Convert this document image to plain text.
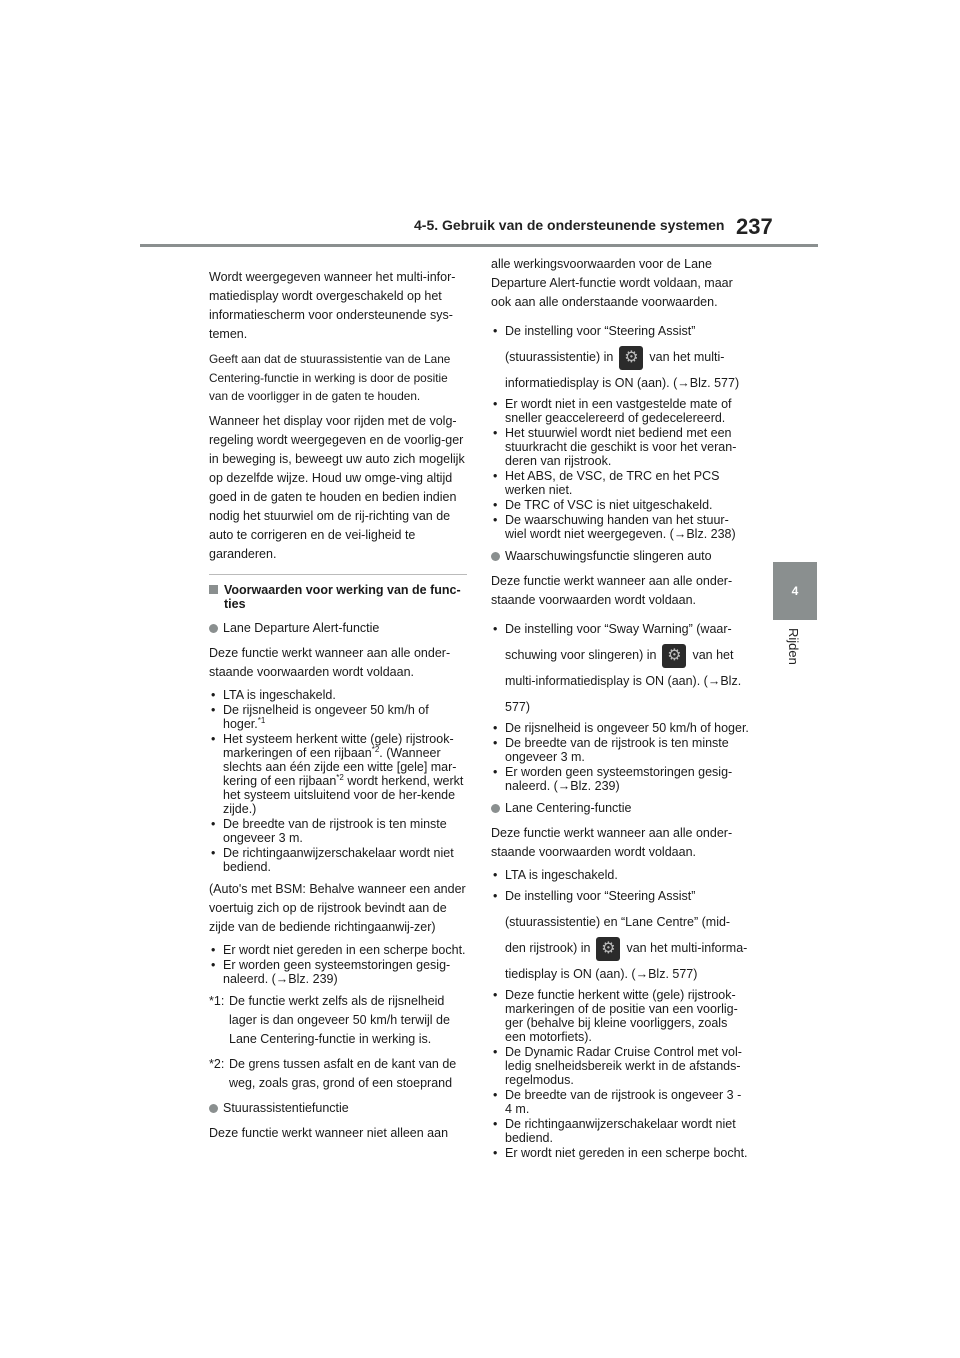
4-5. Gebruik van de ondersteunende systemen 237
4
Rijden

Wordt weergegeven wanneer het multi-infor-matiedisplay wordt overgeschakeld op het informatiescherm voor ondersteunende sys-temen.

Geeft aan dat de stuurassistentie van de Lane Centering-functie in werking is door de positie van de voorligger in de gaten te houden.

Wanneer het display voor rijden met de volg-regeling wordt weergegeven en de voorlig-ger in beweging is, beweegt uw auto zich mogelijk op dezelfde wijze. Houd uw omge-ving altijd goed in de gaten te houden en bedien indien nodig het stuurwiel om de rij-richting van de auto te corrigeren en de vei-ligheid te garanderen.

Voorwaarden voor werking van de func-ties
Lane Departure Alert-functie

Deze functie werkt wanneer aan alle onder-staande voorwaarden wordt voldaan.

• LTA is ingeschakeld.
• De rijsnelheid is ongeveer 50 km/h of hoger.$^{*1}$
• Het systeem herkent witte (gele) rijstrook-markeringen of een rijbaan$^{*2}$. (Wanneer slechts aan één zijde een witte [gele] mar-kering of een rijbaan$^{*2}$ wordt herkend, werkt het systeem uitsluitend voor de her-kende zijde.)
• De breedte van de rijstrook is ten minste ongeveer 3 m.
• De richtingaanwijzerschakelaar wordt niet bediend.

(Auto's met BSM: Behalve wanneer een ander voertuig zich op de rijstrook bevindt aan de zijde van de bediende richtingaanwij-zer)

• Er wordt niet gereden in een scherpe bocht.
• Er worden geen systeemstoringen gesig-naleerd. (→Blz. 239)
*1: De functie werkt zelfs als de rijsnelheid lager is dan ongeveer 50 km/h terwijl de Lane Centering-functie in werking is.
*2: De grens tussen asfalt en de kant van de weg, zoals gras, grond of een stoeprand
Stuurassistentiefunctie

Deze functie werkt wanneer niet alleen aan

alle werkingsvoorwaarden voor de Lane Departure Alert-functie wordt voldaan, maar ook aan alle onderstaande voorwaarden.

• De instelling voor “Steering Assist” (stuurassistentie) in ⚙ van het multi-informatiedisplay is ON (aan). (→Blz. 577)
• Er wordt niet in een vastgestelde mate of sneller geaccelereerd of gedecelereerd.
• Het stuurwiel wordt niet bediend met een stuurkracht die geschikt is voor het veran-deren van rijstrook.
• Het ABS, de VSC, de TRC en het PCS werken niet.
• De TRC of VSC is niet uitgeschakeld.
• De waarschuwing handen van het stuur-wiel wordt niet weergegeven. (→Blz. 238)
Waarschuwingsfunctie slingeren auto

Deze functie werkt wanneer aan alle onder-staande voorwaarden wordt voldaan.

• De instelling voor “Sway Warning” (waar-schuwing voor slingeren) in ⚙ van het multi-informatiedisplay is ON (aan). (→Blz. 577)
• De rijsnelheid is ongeveer 50 km/h of hoger.
• De breedte van de rijstrook is ten minste ongeveer 3 m.
• Er worden geen systeemstoringen gesig-naleerd. (→Blz. 239)
Lane Centering-functie

Deze functie werkt wanneer aan alle onder-staande voorwaarden wordt voldaan.

• LTA is ingeschakeld.
• De instelling voor “Steering Assist” (stuurassistentie) en “Lane Centre” (mid-den rijstrook) in ⚙ van het multi-informa-tiedisplay is ON (aan). (→Blz. 577)
• Deze functie herkent witte (gele) rijstrook-markeringen of de positie van een voorlig-ger (behalve bij kleine voorliggers, zoals een motorfiets).
• De Dynamic Radar Cruise Control met vol-ledig snelheidsbereik werkt in de afstands-regelmodus.
• De breedte van de rijstrook is ongeveer 3 - 4 m.
• De richtingaanwijzerschakelaar wordt niet bediend.
• Er wordt niet gereden in een scherpe bocht.
